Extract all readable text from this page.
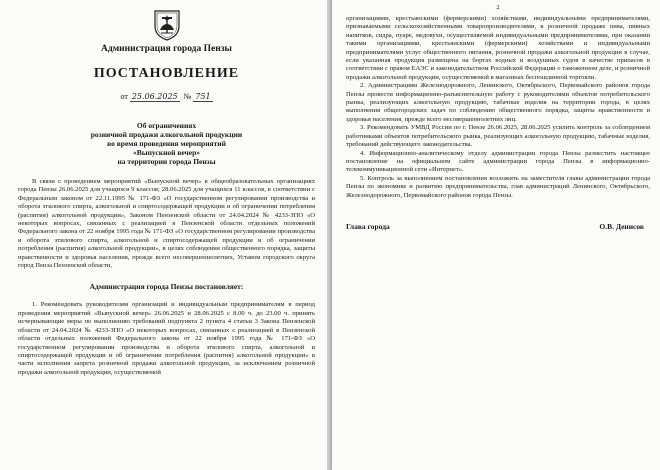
Администрация города Пензы
ПОСТАНОВЛЕНИЕ
от 25.06.2025 № 751
Об ограничениях
розничной продажи алкогольной продукции
во время проведения мероприятий
«Выпускной вечер»
на территории города Пензы

В связи с проведением мероприятий «Выпускной вечер» в общеобразовательных организациях города Пензы 26.06.2025 для учащихся 9 классов; 28.06.2025 для учащихся 11 классов, в соответствии с Федеральным законом от 22.11.1995 № 171-ФЗ «О государственном регулировании производства и оборота этилового спирта, алкогольной и спиртосодержащей продукции и об ограничении потребления (распития) алкогольной продукции», Законом Пензенской области от 24.04.2024 № 4233-ЗПО «О некоторых вопросах, связанных с реализацией в Пензенской области отдельных положений Федерального закона от 22 ноября 1995 года № 171-ФЗ «О государственном регулировании производства и оборота этилового спирта, алкогольной и спиртосодержащей продукции и об ограничении потребления (распития) алкогольной продукции», в целях соблюдения общественного порядка, защиты нравственности и здоровья населения, прежде всего несовершеннолетних, Уставом городского округа город Пенза Пензенской области,

Администрация города Пензы постановляет:

1. Рекомендовать руководителям организаций и индивидуальным предпринимателям в период проведения мероприятий «Выпускной вечер» 26.06.2025 и 28.06.2025 с 8.00 ч. до 23.00 ч. принять исчерпывающие меры по выполнению требований подпункта 2 пункта 4 статьи 3 Закона Пензенской области от 24.04.2024 № 4233-ЗПО «О некоторых вопросах, связанных с реализацией в Пензенской области отдельных положений Федерального закона от 22 ноября 1995 года № 171-ФЗ «О государственном регулировании производства и оборота этилового спирта, алкогольной и спиртосодержащей продукции и об ограничении потребления (распития) алкогольной продукции» в части исполнения запрета розничной продажи алкогольной продукции, за исключением розничной продажи алкогольной продукции, осуществляемой

2

организациями, крестьянскими (фермерскими) хозяйствами, индивидуальными предпринимателями, признаваемыми сельскохозяйственными товаропроизводителями, в розничной продаже пива, пивных напитков, сидра, пуаре, медовухи, осуществляемой индивидуальными предпринимателями, при оказании такими организациями, крестьянскими (фермерскими) хозяйствами и индивидуальными предпринимателями услуг общественного питания, розничной продажи алкогольной продукции в случае, если указанная продукция размещена на бортах водных и воздушных судов в качестве припасов в соответствии с правом ЕАЭС и законодательством Российской Федерации о таможенном деле, и розничной продажи алкогольной продукции, осуществляемой в магазинах беспошлинной торговли.

2. Администрациям Железнодорожного, Ленинского, Октябрьского, Первомайского районов города Пензы провести информационно-разъяснительную работу с руководителями объектов потребительского рынка, реализующих алкогольную продукцию, табачные изделия на территории города, в целях выполнения общегородских задач по соблюдению общественного порядка, защиты нравственности и здоровья населения, прежде всего несовершеннолетних лиц.

3. Рекомендовать УМВД России по г. Пензе 26.06.2025, 28.06.2025 усилить контроль за соблюдением работниками объектов потребительского рынка, реализующих алкогольную продукцию, табачные изделия, требований действующего законодательства.

4. Информационно-аналитическому отделу администрации города Пензы разместить настоящее постановление на официальном сайте администрации города Пензы в информационно-телекоммуникационной сети «Интернет».

5. Контроль за выполнением постановления возложить на заместителя главы администрации города Пензы по экономике и развитию предпринимательства, глав администраций Ленинского, Октябрьского, Железнодорожного, Первомайского районов города Пензы.

Глава города	О.В. Денисов
